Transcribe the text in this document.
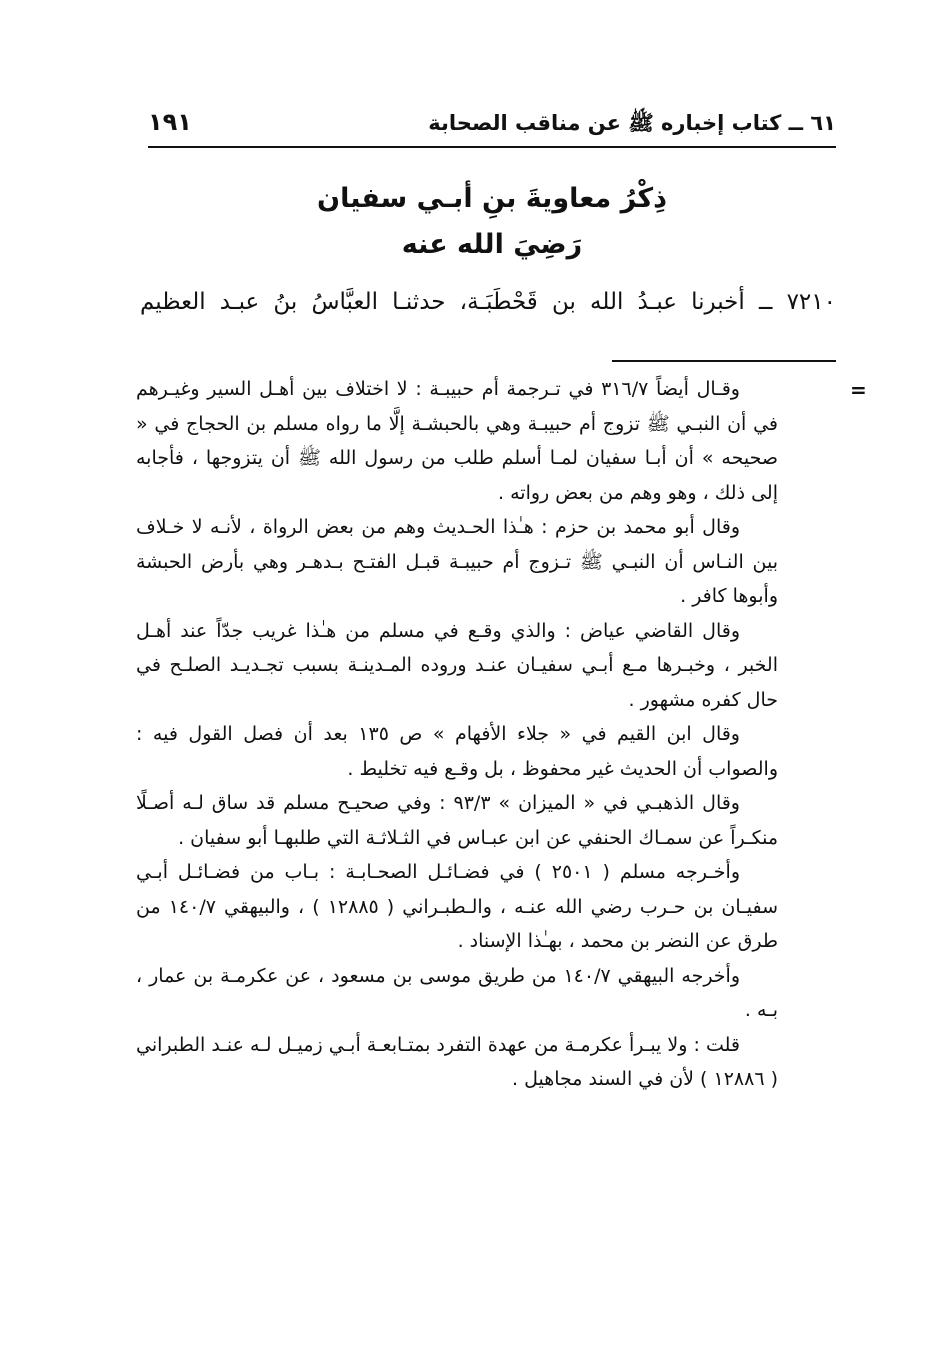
٦١ ــ كتاب إخباره ﷺ عن مناقب الصحابة
١٩١
ذِكْرُ معاويةَ بنِ أبـي سفيان
رَضِيَ الله عنه
٧٢١٠ ــ أخبرنا عبـدُ الله بن قَحْطَبَـة، حدثنـا العبَّاسُ بنُ عبـد العظيم
=

وقـال أيضاً ٣١٦/٧ في تـرجمة أم حبيبـة : لا اختلاف بين أهـل السير وغيـرهم في أن النبـي ﷺ تزوج أم حبيبـة وهي بالحبشـة إلَّا ما رواه مسلم بن الحجاج في « صحيحه » أن أبـا سفيان لمـا أسلم طلب من رسول الله ﷺ أن يتزوجها ، فأجابه إلى ذلك ، وهو وهم من بعض رواته .

وقال أبو محمد بن حزم : هـٰذا الحـديث وهم من بعض الرواة ، لأنـه لا خـلاف بين النـاس أن النبـي ﷺ تـزوج أم حبيبـة قبـل الفتـح بـدهـر وهي بأرض الحبشة وأبوها كافر .

وقال القاضي عياض : والذي وقـع في مسلم من هـٰذا غريب جدّاً عند أهـل الخبر ، وخبـرها مـع أبـي سفيـان عنـد وروده المـدينـة بسبب تجـديـد الصلـح في حال كفره مشهور .

وقال ابن القيم في « جلاء الأفهام » ص ١٣٥ بعد أن فصل القول فيه : والصواب أن الحديث غير محفوظ ، بل وقـع فيه تخليط .

وقال الذهبـي في « الميزان » ٩٣/٣ : وفي صحيـح مسلم قد ساق لـه أصـلًا منكـراً عن سمـاك الحنفي عن ابن عبـاس في الثـلاثـة التي طلبهـا أبو سفيان .

وأخـرجه مسلم ( ٢٥٠١ ) في فضـائـل الصحـابـة : بـاب من فضـائـل أبـي سفيـان بن حـرب رضي الله عنـه ، والـطبـراني ( ١٢٨٨٥ ) ، والبيهقي ١٤٠/٧ من طرق عن النضر بن محمد ، بهـٰذا الإسناد .

وأخرجه البيهقي ١٤٠/٧ من طريق موسى بن مسعود ، عن عكرمـة بن عمار ، بـه .

قلت : ولا يبـرأ عكرمـة من عهدة التفرد بمتـابعـة أبـي زميـل لـه عنـد الطبراني ( ١٢٨٨٦ ) لأن في السند مجاهيل .
